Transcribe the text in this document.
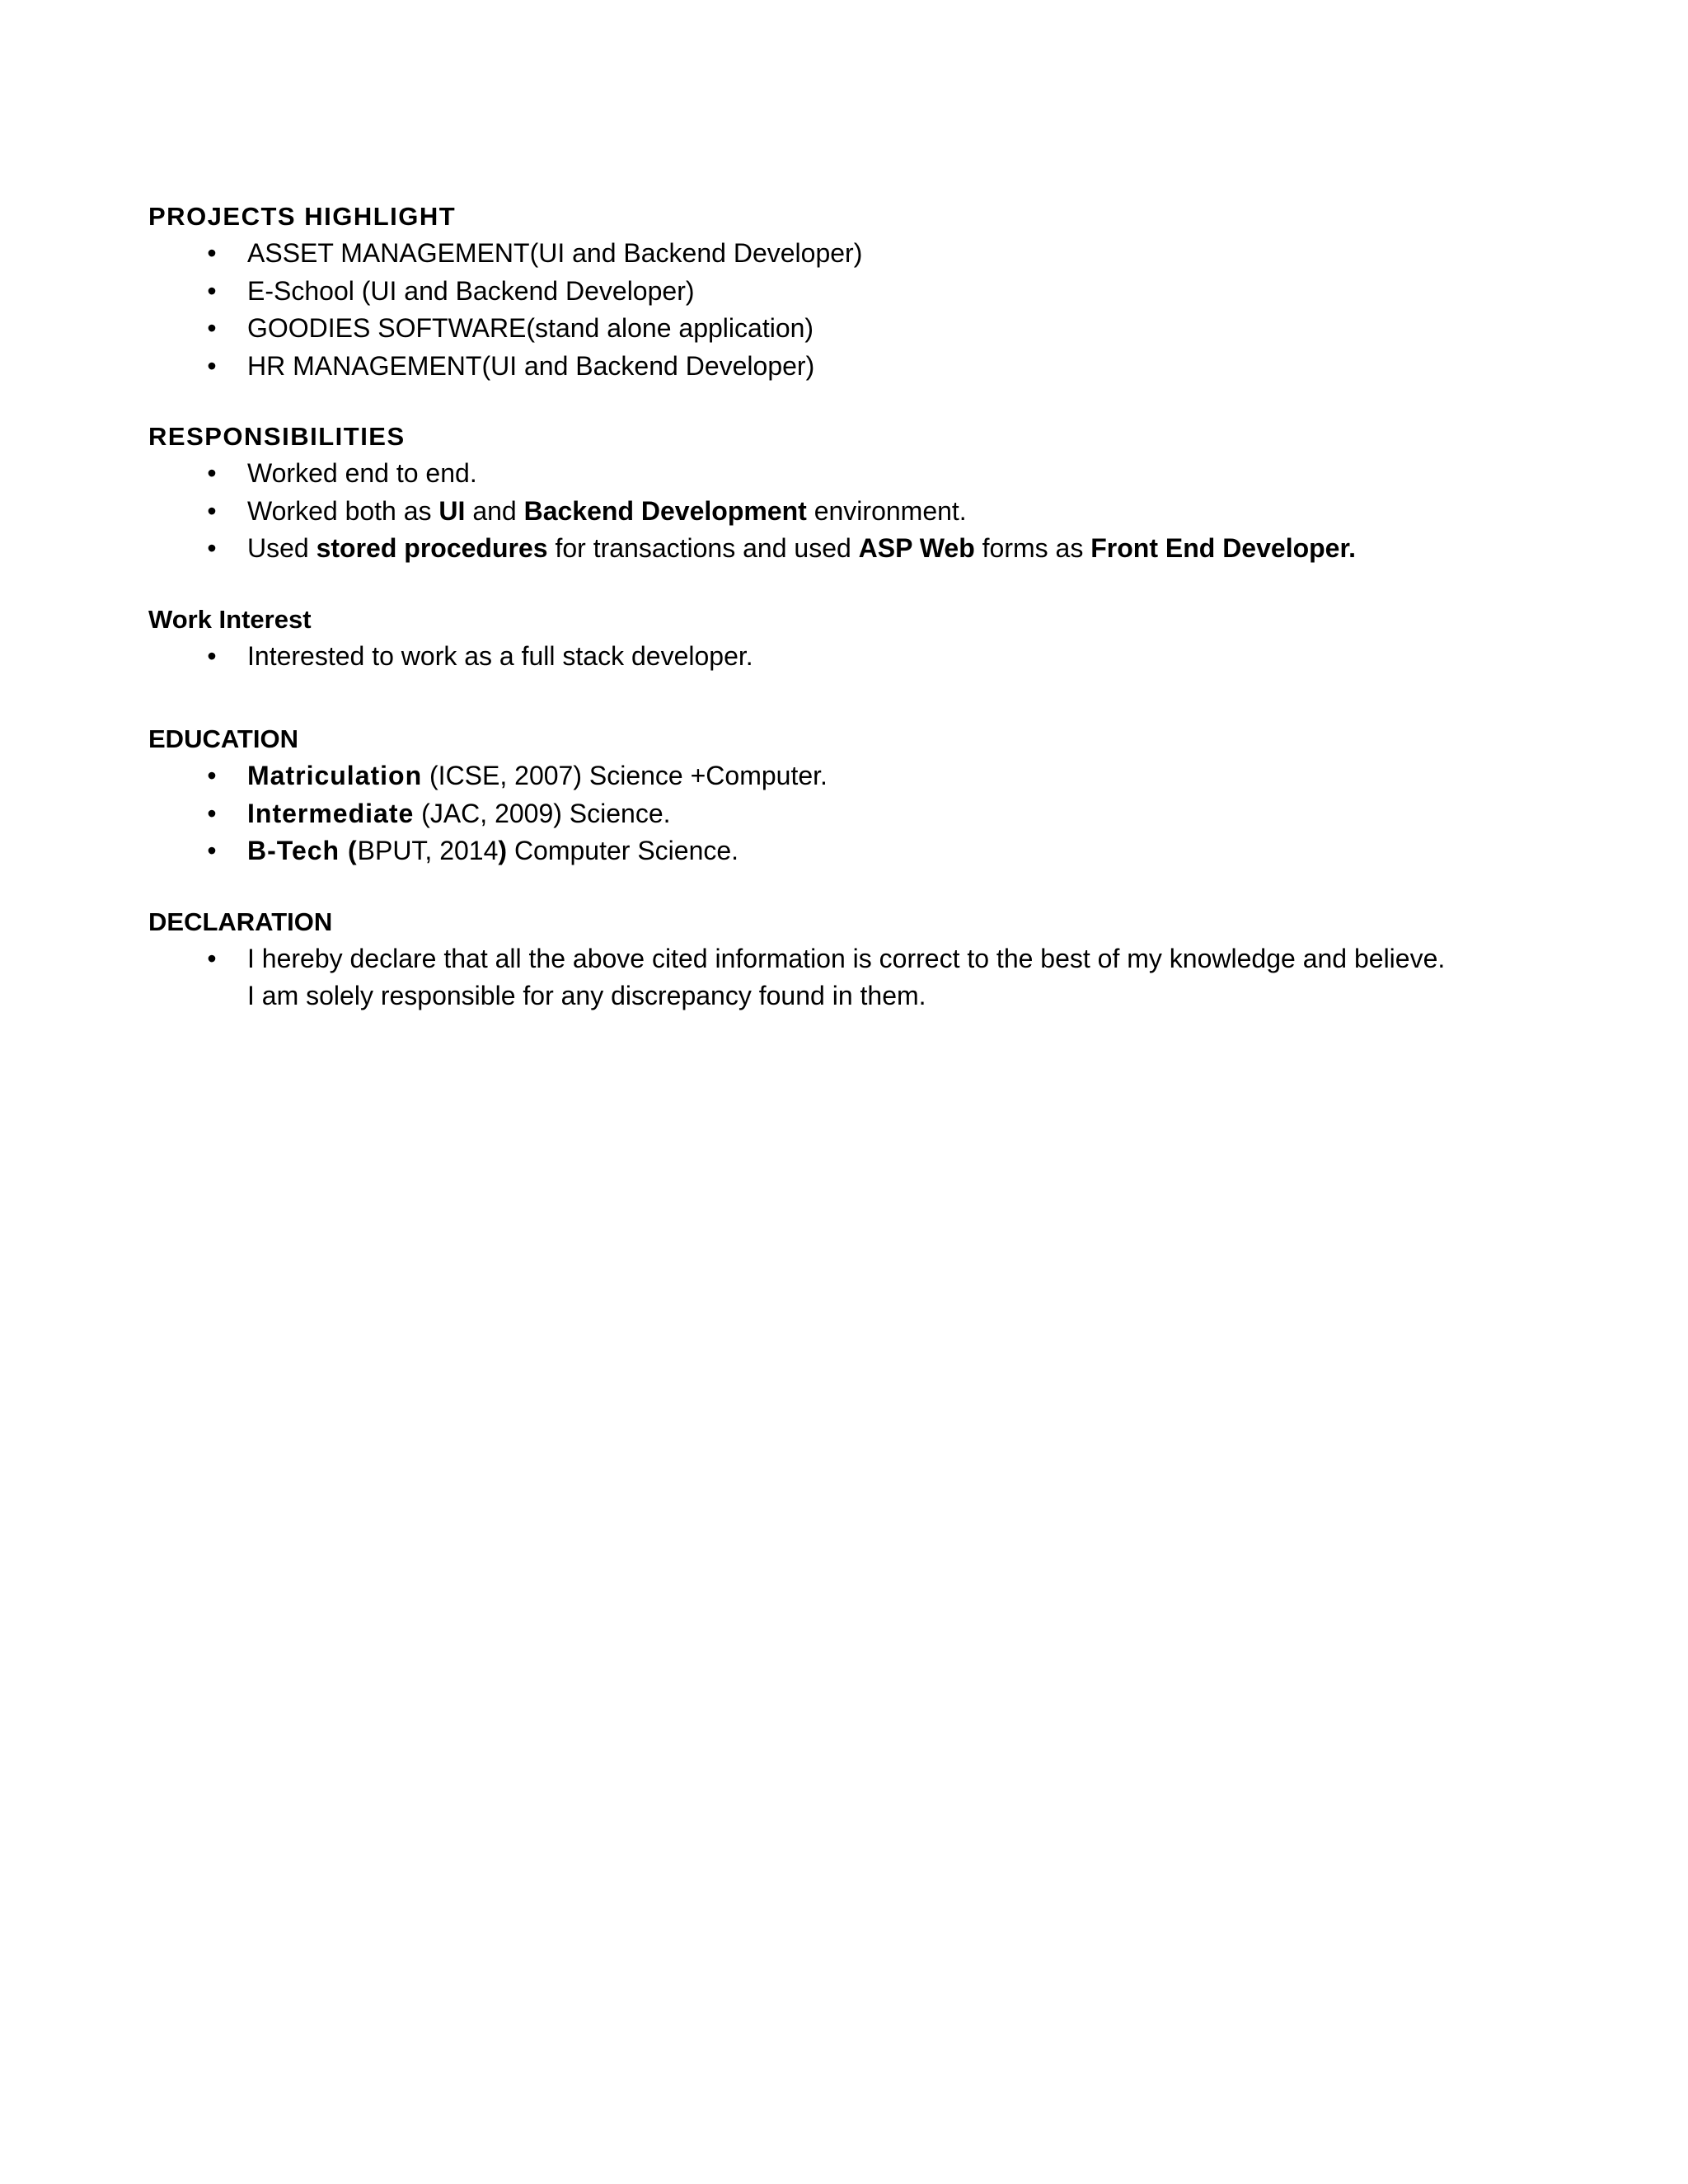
PROJECTS HIGHLIGHT
• ASSET MANAGEMENT(UI and Backend Developer)
• E-School (UI and Backend Developer)
• GOODIES SOFTWARE(stand alone application)
• HR MANAGEMENT(UI and Backend Developer)
RESPONSIBILITIES
• Worked end to end.
• Worked both as UI and Backend Development environment.
• Used stored procedures for transactions and used ASP Web forms as Front End Developer.
Work Interest
• Interested to work as a full stack developer.
EDUCATION
• Matriculation (ICSE, 2007) Science +Computer.
• Intermediate (JAC, 2009) Science.
• B-Tech (BPUT, 2014) Computer Science.
DECLARATION
• I hereby declare that all the above cited information is correct to the best of my knowledge and believe.
I am solely responsible for any discrepancy found in them.
